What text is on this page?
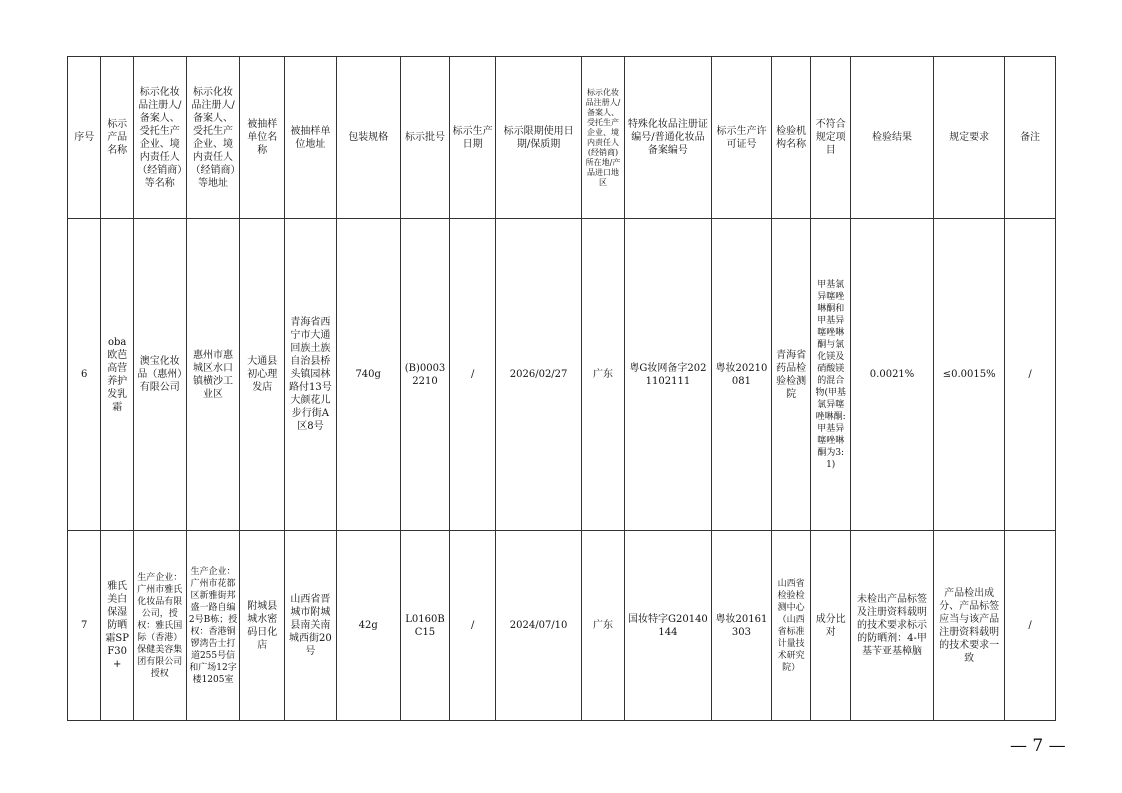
序号	标示产品名称	标示化妆品注册人/备案人、受托生产企业、境内责任人（经销商）等名称	标示化妆品注册人/备案人、受托生产企业、境内责任人（经销商）等地址	被抽样单位名称	被抽样单位地址	包装规格	标示批号	标示生产日期	标示限期使用日期/保质期	标示化妆品注册人/备案人、受托生产企业、境内责任人(经销商)所在地/产品进口地区	特殊化妆品注册证编号/普通化妆品备案编号	标示生产许可证号	检验机构名称	不符合规定项目	检验结果	规定要求	备注
6	oba欧芭高营养护发乳霜	澳宝化妆品（惠州）有限公司	惠州市惠城区水口镇横沙工业区	大通县初心理发店	青海省西宁市大通回族土族自治县桥头镇园林路付13号大颜花儿步行街A区8号	740g	(B)00032210	/	2026/02/27	广东	粤G妆网备字2021102111	粤妆20210081	青海省药品检验检测院	甲基氯异噻唑啉酮和甲基异噻唑啉酮与氯化镁及硝酸镁的混合物(甲基氯异噻唑啉酮:甲基异噻唑啉酮为3:1)	0.0021%	≤0.0015%	/
7	雅氏美白保湿防晒霜SPF30+	生产企业：广州市雅氏化妆品有限公司，授权：雅氏国际（香港）保健美容集团有限公司授权	生产企业：广州市花都区新雅街邦盛一路自编2号B栋；授权：香港铜锣湾告士打道255号信和广场12字楼1205室	附城县城水密码日化店	山西省晋城市附城县南关南城西街20号	42g	L0160BC15	/	2024/07/10	广东	国妆特字G20140144	粤妆20161303	山西省检验检测中心（山西省标准计量技术研究院）	成分比对	未检出产品标签及注册资料载明的技术要求标示的防晒剂：4-甲基苄亚基樟脑	产品检出成分、产品标签应当与该产品注册资料载明的技术要求一致	/
— 7 —
